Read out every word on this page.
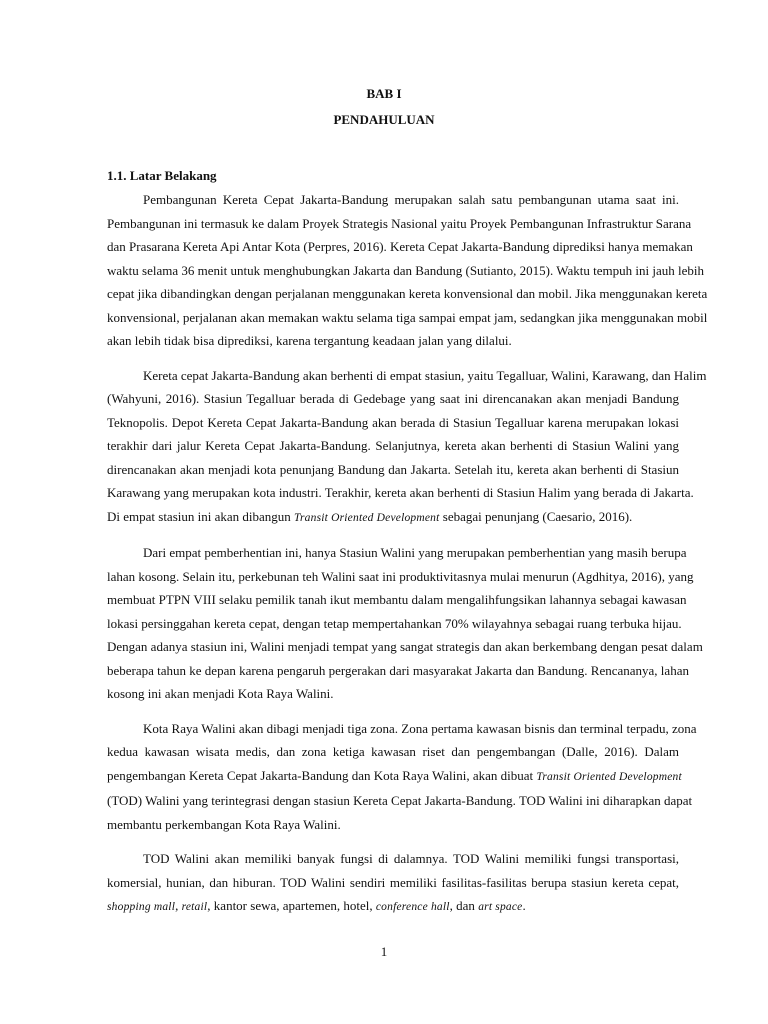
BAB I

PENDAHULUAN

1.1. Latar Belakang

Pembangunan Kereta Cepat Jakarta-Bandung merupakan salah satu pembangunan utama saat ini.
Pembangunan ini termasuk ke dalam Proyek Strategis Nasional yaitu Proyek Pembangunan Infrastruktur Sarana
dan Prasarana Kereta Api Antar Kota (Perpres, 2016). Kereta Cepat Jakarta-Bandung diprediksi hanya memakan
waktu selama 36 menit untuk menghubungkan Jakarta dan Bandung (Sutianto, 2015). Waktu tempuh ini jauh lebih
cepat jika dibandingkan dengan perjalanan menggunakan kereta konvensional dan mobil. Jika menggunakan kereta
konvensional, perjalanan akan memakan waktu selama tiga sampai empat jam, sedangkan jika menggunakan mobil
akan lebih tidak bisa diprediksi, karena tergantung keadaan jalan yang dilalui.

Kereta cepat Jakarta-Bandung akan berhenti di empat stasiun, yaitu Tegalluar, Walini, Karawang, dan Halim
(Wahyuni, 2016). Stasiun Tegalluar berada di Gedebage yang saat ini direncanakan akan menjadi Bandung
Teknopolis. Depot Kereta Cepat Jakarta-Bandung akan berada di Stasiun Tegalluar karena merupakan lokasi
terakhir dari jalur Kereta Cepat Jakarta-Bandung. Selanjutnya, kereta akan berhenti di Stasiun Walini yang
direncanakan akan menjadi kota penunjang Bandung dan Jakarta. Setelah itu, kereta akan berhenti di Stasiun
Karawang yang merupakan kota industri. Terakhir, kereta akan berhenti di Stasiun Halim yang berada di Jakarta.
Di empat stasiun ini akan dibangun Transit Oriented Development sebagai penunjang (Caesario, 2016).

Dari empat pemberhentian ini, hanya Stasiun Walini yang merupakan pemberhentian yang masih berupa
lahan kosong. Selain itu, perkebunan teh Walini saat ini produktivitasnya mulai menurun (Agdhitya, 2016), yang
membuat PTPN VIII selaku pemilik tanah ikut membantu dalam mengalihfungsikan lahannya sebagai kawasan
lokasi persinggahan kereta cepat, dengan tetap mempertahankan 70% wilayahnya sebagai ruang terbuka hijau.
Dengan adanya stasiun ini, Walini menjadi tempat yang sangat strategis dan akan berkembang dengan pesat dalam
beberapa tahun ke depan karena pengaruh pergerakan dari masyarakat Jakarta dan Bandung. Rencananya, lahan
kosong ini akan menjadi Kota Raya Walini.

Kota Raya Walini akan dibagi menjadi tiga zona. Zona pertama kawasan bisnis dan terminal terpadu, zona
kedua kawasan wisata medis, dan zona ketiga kawasan riset dan pengembangan (Dalle, 2016). Dalam
pengembangan Kereta Cepat Jakarta-Bandung dan Kota Raya Walini, akan dibuat Transit Oriented Development
(TOD) Walini yang terintegrasi dengan stasiun Kereta Cepat Jakarta-Bandung. TOD Walini ini diharapkan dapat
membantu perkembangan Kota Raya Walini.

TOD Walini akan memiliki banyak fungsi di dalamnya. TOD Walini memiliki fungsi transportasi,
komersial, hunian, dan hiburan. TOD Walini sendiri memiliki fasilitas-fasilitas berupa stasiun kereta cepat,
shopping mall, retail, kantor sewa, apartemen, hotel, conference hall, dan art space.

1
